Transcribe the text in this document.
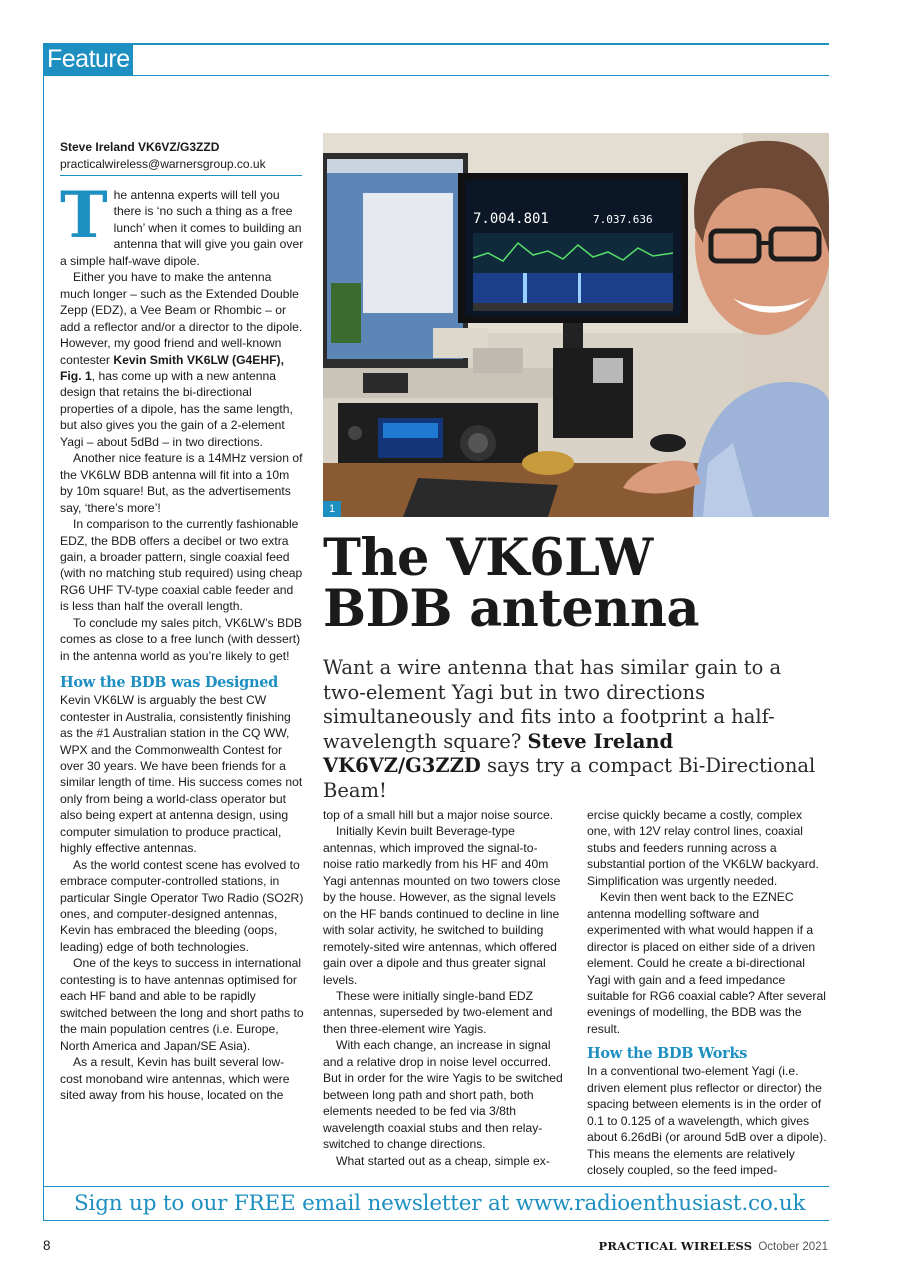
Feature
Steve Ireland VK6VZ/G3ZZD
practicalwireless@warnersgroup.co.uk

The antenna experts will tell you there is ‘no such a thing as a free lunch’ when it comes to building an antenna that will give you gain over a simple half-wave dipole.

Either you have to make the antenna much longer – such as the Extended Double Zepp (EDZ), a Vee Beam or Rhombic – or add a reflector and/or a director to the dipole. However, my good friend and well-known contester Kevin Smith VK6LW (G4EHF), Fig. 1, has come up with a new antenna design that retains the bi-directional properties of a dipole, has the same length, but also gives you the gain of a 2-element Yagi – about 5dBd – in two directions.

Another nice feature is a 14MHz version of the VK6LW BDB antenna will fit into a 10m by 10m square! But, as the advertisements say, ‘there’s more’!

In comparison to the currently fashionable EDZ, the BDB offers a decibel or two extra gain, a broader pattern, single coaxial feed (with no matching stub required) using cheap RG6 UHF TV-type coaxial cable feeder and is less than half the overall length.

To conclude my sales pitch, VK6LW’s BDB comes as close to a free lunch (with dessert) in the antenna world as you’re likely to get!

How the BDB was Designed

Kevin VK6LW is arguably the best CW contester in Australia, consistently finishing as the #1 Australian station in the CQ WW, WPX and the Commonwealth Contest for over 30 years. We have been friends for a similar length of time. His success comes not only from being a world-class operator but also being expert at antenna design, using computer simulation to produce practical, highly effective antennas.

As the world contest scene has evolved to embrace computer-controlled stations, in particular Single Operator Two Radio (SO2R) ones, and computer-designed antennas, Kevin has embraced the bleeding (oops, leading) edge of both technologies.

One of the keys to success in international contesting is to have antennas optimised for each HF band and able to be rapidly switched between the long and short paths to the main population centres (i.e. Europe, North America and Japan/SE Asia).

As a result, Kevin has built several low-cost monoband wire antennas, which were sited away from his house, located on the

7.004.801	7.037.636
1
The VK6LW
BDB antenna
Want a wire antenna that has similar gain to a two-element Yagi but in two directions simultaneously and fits into a footprint a half-wavelength square? Steve Ireland VK6VZ/G3ZZD says try a compact Bi-Directional Beam!

top of a small hill but a major noise source.

Initially Kevin built Beverage-type antennas, which improved the signal-to-noise ratio markedly from his HF and 40m Yagi antennas mounted on two towers close by the house. However, as the signal levels on the HF bands continued to decline in line with solar activity, he switched to building remotely-sited wire antennas, which offered gain over a dipole and thus greater signal levels.

These were initially single-band EDZ antennas, superseded by two-element and then three-element wire Yagis.

With each change, an increase in signal and a relative drop in noise level occurred. But in order for the wire Yagis to be switched between long path and short path, both elements needed to be fed via 3/8th wavelength coaxial stubs and then relay-switched to change directions.

What started out as a cheap, simple ex-

ercise quickly became a costly, complex one, with 12V relay control lines, coaxial stubs and feeders running across a substantial portion of the VK6LW backyard. Simplification was urgently needed.

Kevin then went back to the EZNEC antenna modelling software and experimented with what would happen if a director is placed on either side of a driven element. Could he create a bi-directional Yagi with gain and a feed impedance suitable for RG6 coaxial cable? After several evenings of modelling, the BDB was the result.

How the BDB Works

In a conventional two-element Yagi (i.e. driven element plus reflector or director) the spacing between elements is in the order of 0.1 to 0.125 of a wavelength, which gives about 6.26dBi (or around 5dB over a dipole). This means the elements are relatively closely coupled, so the feed imped-

Sign up to our FREE email newsletter at www.radioenthusiast.co.uk
8	PRACTICAL WIRELESS October 2021
